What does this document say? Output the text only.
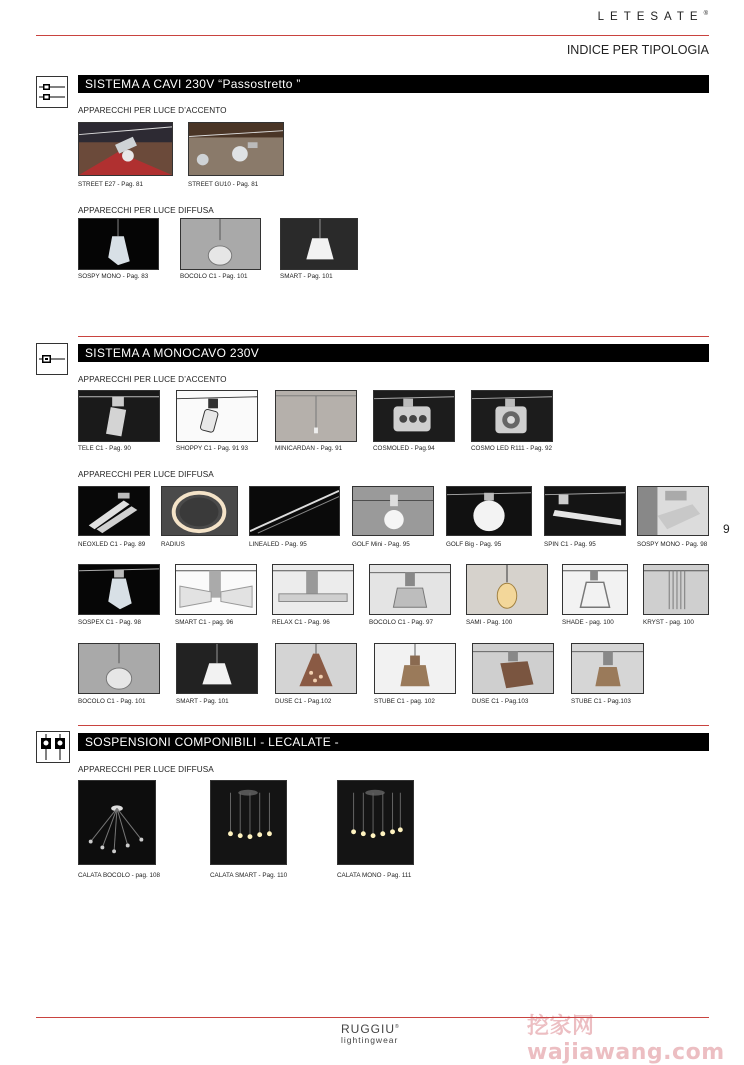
LETESATE®
INDICE PER TIPOLOGIA
SISTEMA A CAVI 230V “Passostretto ”
APPARECCHI PER LUCE D’ACCENTO
STREET E27 - Pag. 81	STREET GU10 - Pag. 81
APPARECCHI PER LUCE DIFFUSA
SOSPY MONO - Pag. 83	BOCOLO C1 - Pag. 101	SMART - Pag. 101
SISTEMA A MONOCAVO 230V
APPARECCHI PER LUCE D’ACCENTO
TELE C1 - Pag. 90	SHOPPY C1 - Pag. 91 93	MINICARDAN - Pag. 91	COSMOLED - Pag.94	COSMO LED R111 - Pag. 92
APPARECCHI PER LUCE DIFFUSA
NEOXLED C1 - Pag. 89	RADIUS	LINEALED - Pag. 95	GOLF Mini - Pag. 95	GOLF Big - Pag. 95	SPIN C1 - Pag. 95	SOSPY MONO - Pag. 98
SOSPEX C1 - Pag. 98	SMART C1 - pag. 96	RELAX C1 - Pag. 96	BOCOLO C1 - Pag. 97	SAMI - Pag. 100	SHADE - pag. 100	KRYST - pag. 100
BOCOLO C1 - Pag. 101	SMART - Pag. 101	DUSE C1 - Pag.102	STUBE C1 - pag. 102	DUSE C1 - Pag.103	STUBE C1 - Pag.103
9
SOSPENSIONI COMPONIBILI - LECALATE -
APPARECCHI PER LUCE DIFFUSA
CALATA BOCOLO - pag. 108	CALATA SMART - Pag. 110	CALATA MONO - Pag. 111
RUGGIU®
lightingwear
挖家网 wajiawang.com
